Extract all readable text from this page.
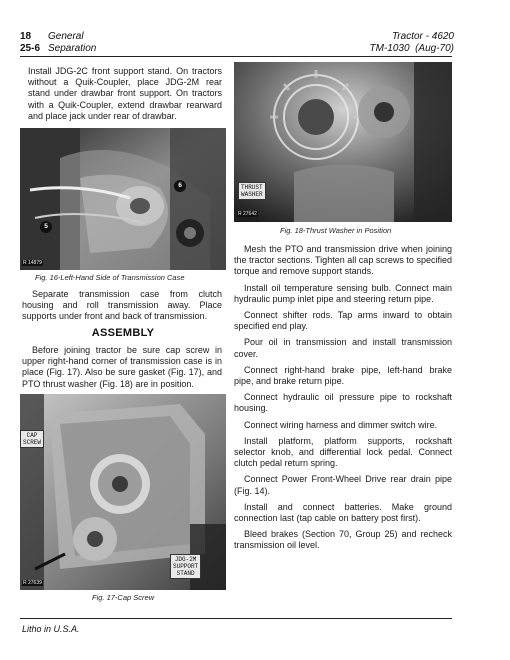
18 General
25-6 Separation
Tractor - 4620
TM-1030 (Aug-70)

Install JDG-2C front support stand. On tractors without a Quik-Coupler, place JDG-2M rear stand under drawbar front support. On tractors with a Quik-Coupler, extend drawbar rearward and place jack under rear of drawbar.

6
5
R 14879
Fig. 16-Left-Hand Side of Transmission Case

Separate transmission case from clutch housing and roll transmission away. Place supports under front and back of transmission.

ASSEMBLY

Before joining tractor be sure cap screw in upper right-hand corner of transmission case is in place (Fig. 17). Also be sure gasket (Fig. 17), and PTO thrust washer (Fig. 18) are in position.

CAP
SCREW
JDG-2M
SUPPORT
STAND
R 27639
Fig. 17-Cap Screw
THRUST
WASHER
R 27642
Fig. 18-Thrust Washer in Position

Mesh the PTO and transmission drive when joining the tractor sections. Tighten all cap screws to specified torque and remove support stands.

Install oil temperature sensing bulb. Connect main hydraulic pump inlet pipe and steering return pipe.

Connect shifter rods. Tap arms inward to obtain specified end play.

Pour oil in transmission and install transmission cover.

Connect right-hand brake pipe, left-hand brake pipe, and brake return pipe.

Connect hydraulic oil pressure pipe to rockshaft housing.

Connect wiring harness and dimmer switch wire.

Install platform, platform supports, rockshaft selector knob, and differential lock pedal. Connect clutch pedal return spring.

Connect Power Front-Wheel Drive rear drain pipe (Fig. 14).

Install and connect batteries. Make ground connection last (tap cable on battery post first).

Bleed brakes (Section 70, Group 25) and recheck transmission oil level.

Litho in U.S.A.
